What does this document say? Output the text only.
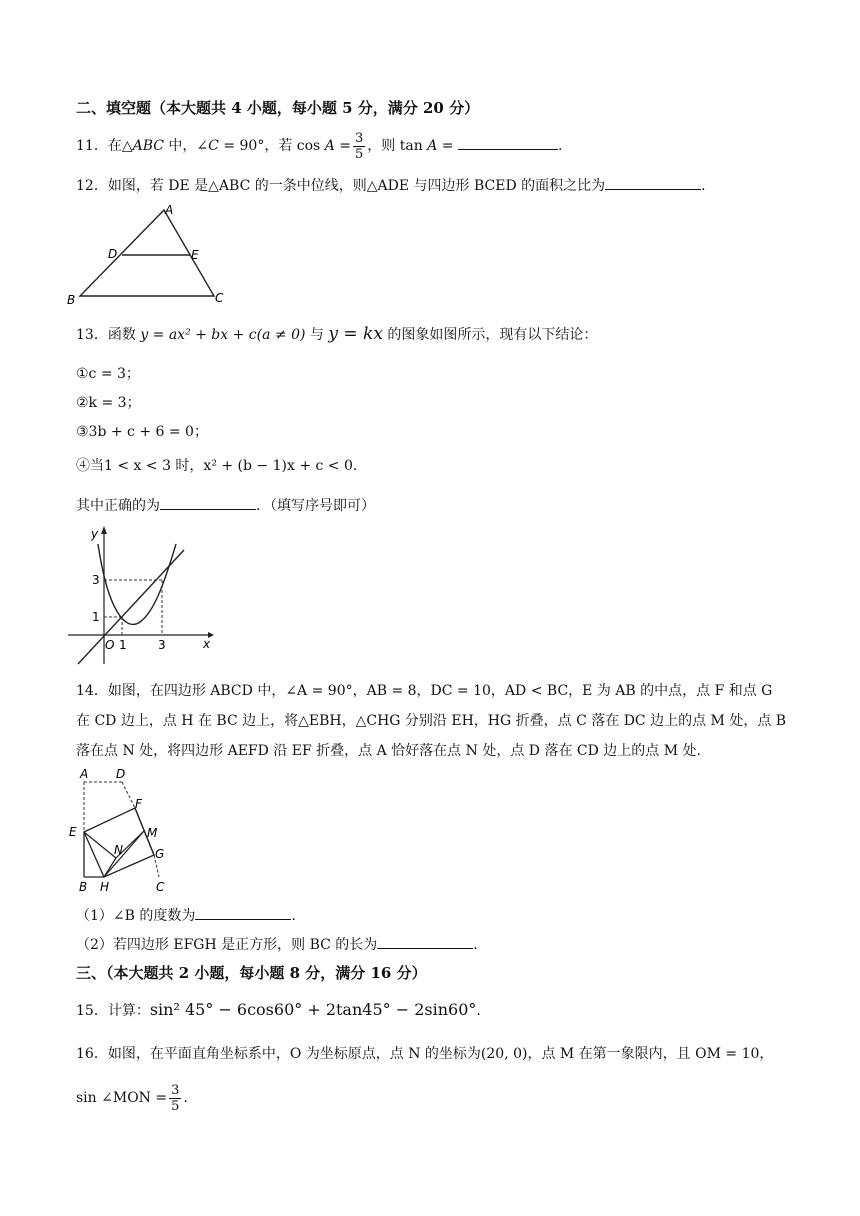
二、填空题（本大题共 4 小题，每小题 5 分，满分 20 分）
11．在△ABC 中，∠C = 90°，若 $\cos A = \frac{3}{5}$ ，则 tan A =	.
12．如图，若 DE 是△ABC 的一条中位线，则△ADE 与四边形 BCED 的面积之比为	.
A
B	C
D	E
13．函数 y = ax² + bx + c(a ≠ 0) 与 y = kx 的图象如图所示，现有以下结论：
①c = 3；
②k = 3；
③3b + c + 6 = 0；
④当1 < x < 3 时，x² + (b − 1)x + c < 0．
其中正确的为	．（填写序号即可）
y
x
O 1	3
1
3
14．如图，在四边形 ABCD 中，∠A = 90°，AB = 8，DC = 10，AD < BC，E 为 AB 的中点，点 F 和点 G
在 CD 边上，点 H 在 BC 边上，将△EBH，△CHG 分别沿 EH，HG 折叠，点 C 落在 DC 边上的点 M 处，点 B
落在点 N 处，将四边形 AEFD 沿 EF 折叠，点 A 恰好落在点 N 处，点 D 落在 CD 边上的点 M 处.
A D
F
E	M
N	G
B H	C
（1）∠B 的度数为	.
（2）若四边形 EFGH 是正方形，则 BC 的长为	.
三、（本大题共 2 小题，每小题 8 分，满分 16 分）
15．计算：sin² 45° − 6cos60° + 2tan45° − 2sin60°.
16．如图，在平面直角坐标系中，O 为坐标原点，点 N 的坐标为(20, 0)，点 M 在第一象限内，且 OM = 10，
sin ∠MON = $\frac{3}{5}$ .
